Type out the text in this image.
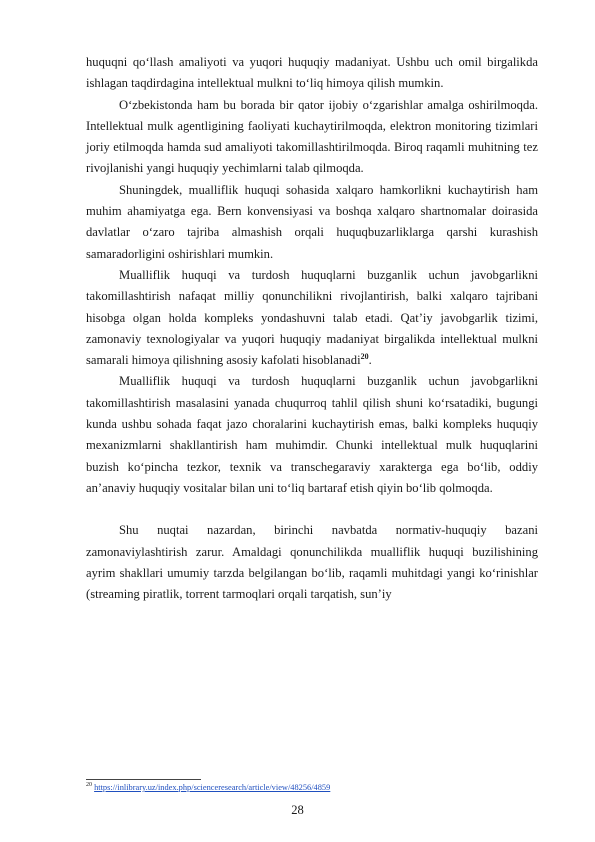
huquqni qo‘llash amaliyoti va yuqori huquqiy madaniyat. Ushbu uch omil birgalikda ishlagan taqdirdagina intellektual mulkni to‘liq himoya qilish mumkin.

O‘zbekistonda ham bu borada bir qator ijobiy o‘zgarishlar amalga oshirilmoqda. Intellektual mulk agentligining faoliyati kuchaytirilmoqda, elektron monitoring tizimlari joriy etilmoqda hamda sud amaliyoti takomillashtirilmoqda. Biroq raqamli muhitning tez rivojlanishi yangi huquqiy yechimlarni talab qilmoqda.

Shuningdek, mualliflik huquqi sohasida xalqaro hamkorlikni kuchaytirish ham muhim ahamiyatga ega. Bern konvensiyasi va boshqa xalqaro shartnomalar doirasida davlatlar o‘zaro tajriba almashish orqali huquqbuzarliklarga qarshi kurashish samaradorligini oshirishlari mumkin.

Mualliflik huquqi va turdosh huquqlarni buzganlik uchun javobgarlikni takomillashtirish nafaqat milliy qonunchilikni rivojlantirish, balki xalqaro tajribani hisobga olgan holda kompleks yondashuvni talab etadi. Qat’iy javobgarlik tizimi, zamonaviy texnologiyalar va yuqori huquqiy madaniyat birgalikda intellektual mulkni samarali himoya qilishning asosiy kafolati hisoblanadi$^{20}$.

Mualliflik huquqi va turdosh huquqlarni buzganlik uchun javobgarlikni takomillashtirish masalasini yanada chuqurroq tahlil qilish shuni ko‘rsatadiki, bugungi kunda ushbu sohada faqat jazo choralarini kuchaytirish emas, balki kompleks huquqiy mexanizmlarni shakllantirish ham muhimdir. Chunki intellektual mulk huquqlarini buzish ko‘pincha tezkor, texnik va transchegaraviy xarakterga ega bo‘lib, oddiy an’anaviy huquqiy vositalar bilan uni to‘liq bartaraf etish qiyin bo‘lib qolmoqda.

Shu nuqtai nazardan, birinchi navbatda normativ-huquqiy bazani zamonaviylashtirish zarur. Amaldagi qonunchilikda mualliflik huquqi buzilishining ayrim shakllari umumiy tarzda belgilangan bo‘lib, raqamli muhitdagi yangi ko‘rinishlar (streaming piratlik, torrent tarmoqlari orqali tarqatish, sun’iy

$^{20}$ https://inlibrary.uz/index.php/scienceresearch/article/view/48256/4859
28
